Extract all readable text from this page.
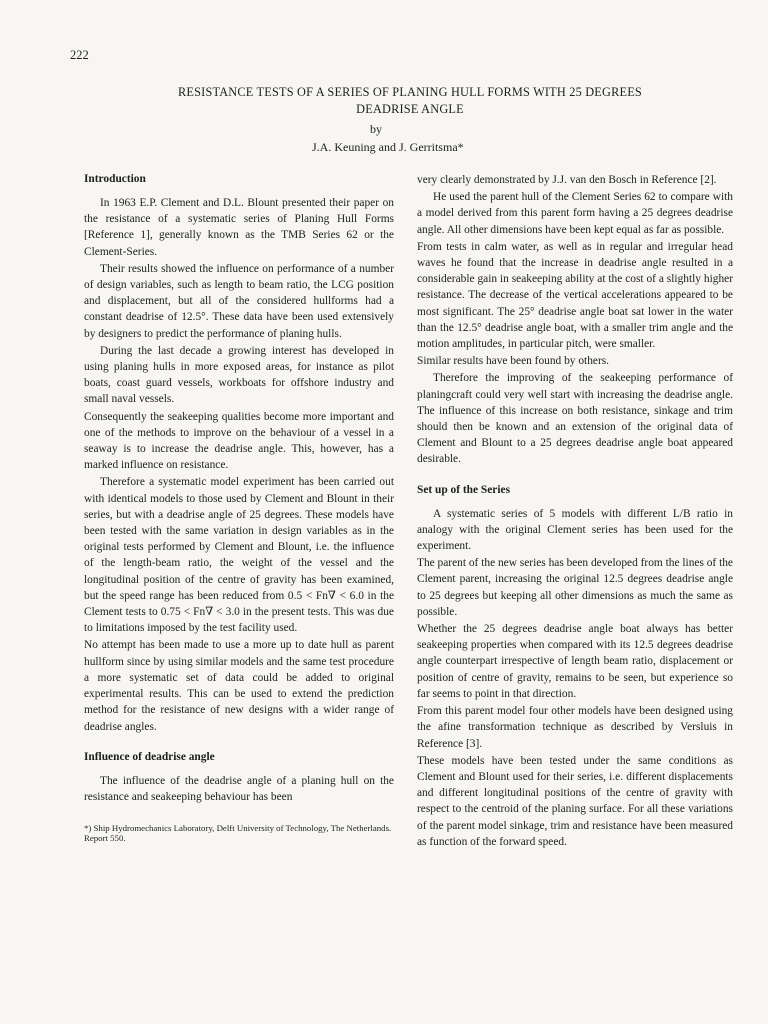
222
RESISTANCE TESTS OF A SERIES OF PLANING HULL FORMS WITH 25 DEGREES
DEADRISE ANGLE
by
J.A. Keuning and J. Gerritsma*
Introduction

In 1963 E.P. Clement and D.L. Blount presented their paper on the resistance of a systematic series of Planing Hull Forms [Reference 1], generally known as the TMB Series 62 or the Clement-Series.

Their results showed the influence on performance of a number of design variables, such as length to beam ratio, the LCG position and displacement, but all of the considered hullforms had a constant deadrise of 12.5°. These data have been used extensively by designers to predict the performance of planing hulls.

During the last decade a growing interest has developed in using planing hulls in more exposed areas, for instance as pilot boats, coast guard vessels, workboats for offshore industry and small naval vessels.

Consequently the seakeeping qualities become more important and one of the methods to improve on the behaviour of a vessel in a seaway is to increase the deadrise angle. This, however, has a marked influence on resistance.

Therefore a systematic model experiment has been carried out with identical models to those used by Clement and Blount in their series, but with a deadrise angle of 25 degrees. These models have been tested with the same variation in design variables as in the original tests performed by Clement and Blount, i.e. the influence of the length-beam ratio, the weight of the vessel and the longitudinal position of the centre of gravity has been examined, but the speed range has been reduced from 0.5 < Fn∇ < 6.0 in the Clement tests to 0.75 < Fn∇ < 3.0 in the present tests. This was due to limitations imposed by the test facility used.

No attempt has been made to use a more up to date hull as parent hullform since by using similar models and the same test procedure a more systematic set of data could be added to original experimental results. This can be used to extend the prediction method for the resistance of new designs with a wider range of deadrise angles.

Influence of deadrise angle

The influence of the deadrise angle of a planing hull on the resistance and seakeeping behaviour has been

*) Ship Hydromechanics Laboratory, Delft University of Technology, The Netherlands. Report 550.

very clearly demonstrated by J.J. van den Bosch in Reference [2].

He used the parent hull of the Clement Series 62 to compare with a model derived from this parent form having a 25 degrees deadrise angle. All other dimensions have been kept equal as far as possible.

From tests in calm water, as well as in regular and irregular head waves he found that the increase in deadrise angle resulted in a considerable gain in seakeeping ability at the cost of a slightly higher resistance. The decrease of the vertical accelerations appeared to be most significant. The 25° deadrise angle boat sat lower in the water than the 12.5° deadrise angle boat, with a smaller trim angle and the motion amplitudes, in particular pitch, were smaller.

Similar results have been found by others.

Therefore the improving of the seakeeping performance of planingcraft could very well start with increasing the deadrise angle. The influence of this increase on both resistance, sinkage and trim should then be known and an extension of the original data of Clement and Blount to a 25 degrees deadrise angle boat appeared desirable.

Set up of the Series

A systematic series of 5 models with different L/B ratio in analogy with the original Clement series has been used for the experiment.

The parent of the new series has been developed from the lines of the Clement parent, increasing the original 12.5 degrees deadrise angle to 25 degrees but keeping all other dimensions as much the same as possible.

Whether the 25 degrees deadrise angle boat always has better seakeeping properties when compared with its 12.5 degrees deadrise angle counterpart irrespective of length beam ratio, displacement or position of centre of gravity, remains to be seen, but experience so far seems to point in that direction.

From this parent model four other models have been designed using the afine transformation technique as described by Versluis in Reference [3].

These models have been tested under the same conditions as Clement and Blount used for their series, i.e. different displacements and different longitudinal positions of the centre of gravity with respect to the centroid of the planing surface. For all these variations of the parent model sinkage, trim and resistance have been measured as function of the forward speed.
